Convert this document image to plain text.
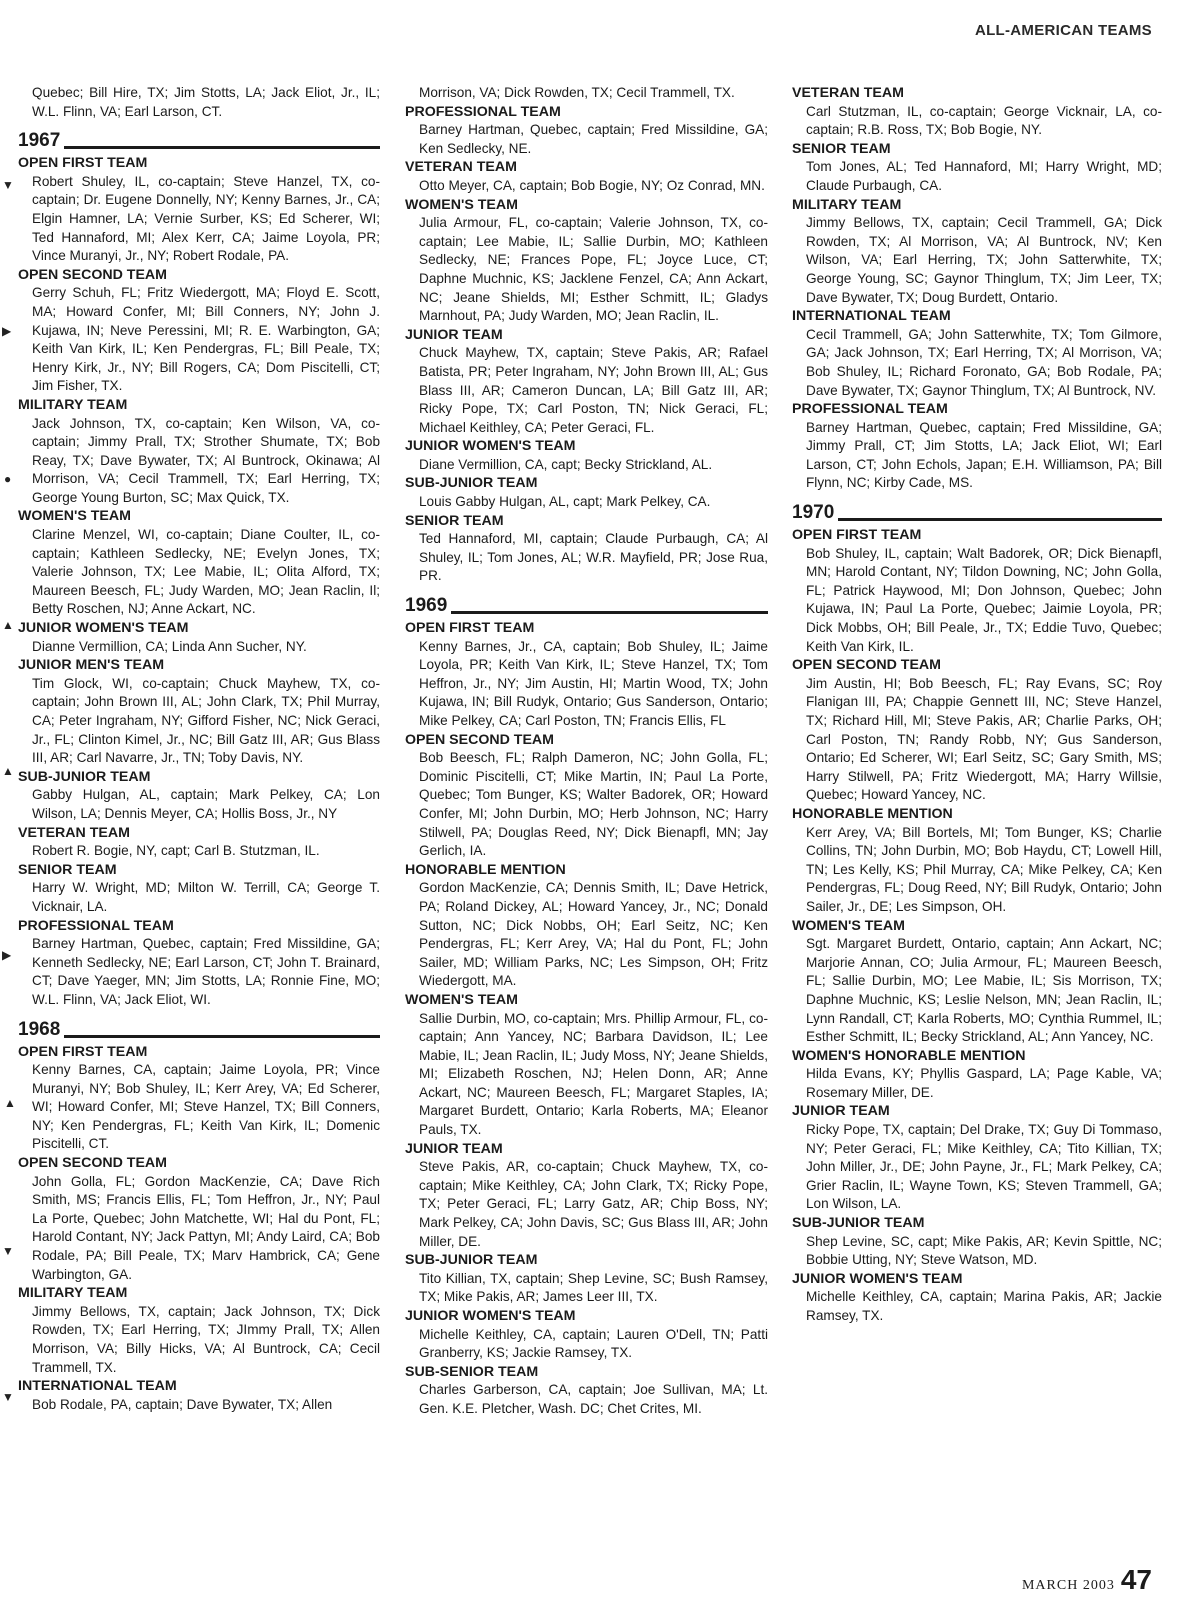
ALL-AMERICAN TEAMS
Quebec; Bill Hire, TX; Jim Stotts, LA; Jack Eliot, Jr., IL; W.L. Flinn, VA; Earl Larson, CT.
1967
OPEN FIRST TEAM
Robert Shuley, IL, co-captain; Steve Hanzel, TX, co-captain; Dr. Eugene Donnelly, NY; Kenny Barnes, Jr., CA; Elgin Hamner, LA; Vernie Surber, KS; Ed Scherer, WI; Ted Hannaford, MI; Alex Kerr, CA; Jaime Loyola, PR; Vince Muranyi, Jr., NY; Robert Rodale, PA.
OPEN SECOND TEAM
Gerry Schuh, FL; Fritz Wiedergott, MA; Floyd E. Scott, MA; Howard Confer, MI; Bill Conners, NY; John J. Kujawa, IN; Neve Peressini, MI; R. E. Warbington, GA; Keith Van Kirk, IL; Ken Pendergras, FL; Bill Peale, TX; Henry Kirk, Jr., NY; Bill Rogers, CA; Dom Piscitelli, CT; Jim Fisher, TX.
MILITARY TEAM
Jack Johnson, TX, co-captain; Ken Wilson, VA, co-captain; Jimmy Prall, TX; Strother Shumate, TX; Bob Reay, TX; Dave Bywater, TX; Al Buntrock, Okinawa; Al Morrison, VA; Cecil Trammell, TX; Earl Herring, TX; George Young Burton, SC; Max Quick, TX.
WOMEN'S TEAM
Clarine Menzel, WI, co-captain; Diane Coulter, IL, co-captain; Kathleen Sedlecky, NE; Evelyn Jones, TX; Valerie Johnson, TX; Lee Mabie, IL; Olita Alford, TX; Maureen Beesch, FL; Judy Warden, MO; Jean Raclin, Il; Betty Roschen, NJ; Anne Ackart, NC.
JUNIOR WOMEN'S TEAM
Dianne Vermillion, CA; Linda Ann Sucher, NY.
JUNIOR MEN'S TEAM
Tim Glock, WI, co-captain; Chuck Mayhew, TX, co-captain; John Brown III, AL; John Clark, TX; Phil Murray, CA; Peter Ingraham, NY; Gifford Fisher, NC; Nick Geraci, Jr., FL; Clinton Kimel, Jr., NC; Bill Gatz III, AR; Gus Blass III, AR; Carl Navarre, Jr., TN; Toby Davis, NY.
SUB-JUNIOR TEAM
Gabby Hulgan, AL, captain; Mark Pelkey, CA; Lon Wilson, LA; Dennis Meyer, CA; Hollis Boss, Jr., NY
VETERAN TEAM
Robert R. Bogie, NY, capt; Carl B. Stutzman, IL.
SENIOR TEAM
Harry W. Wright, MD; Milton W. Terrill, CA; George T. Vicknair, LA.
PROFESSIONAL TEAM
Barney Hartman, Quebec, captain; Fred Missildine, GA; Kenneth Sedlecky, NE; Earl Larson, CT; John T. Brainard, CT; Dave Yaeger, MN; Jim Stotts, LA; Ronnie Fine, MO; W.L. Flinn, VA; Jack Eliot, WI.
1968
OPEN FIRST TEAM
Kenny Barnes, CA, captain; Jaime Loyola, PR; Vince Muranyi, NY; Bob Shuley, IL; Kerr Arey, VA; Ed Scherer, WI; Howard Confer, MI; Steve Hanzel, TX; Bill Conners, NY; Ken Pendergras, FL; Keith Van Kirk, IL; Domenic Piscitelli, CT.
OPEN SECOND TEAM
John Golla, FL; Gordon MacKenzie, CA; Dave Rich Smith, MS; Francis Ellis, FL; Tom Heffron, Jr., NY; Paul La Porte, Quebec; John Matchette, WI; Hal du Pont, FL; Harold Contant, NY; Jack Pattyn, MI; Andy Laird, CA; Bob Rodale, PA; Bill Peale, TX; Marv Hambrick, CA; Gene Warbington, GA.
MILITARY TEAM
Jimmy Bellows, TX, captain; Jack Johnson, TX; Dick Rowden, TX; Earl Herring, TX; JImmy Prall, TX; Allen Morrison, VA; Billy Hicks, VA; Al Buntrock, CA; Cecil Trammell, TX.
INTERNATIONAL TEAM
Bob Rodale, PA, captain; Dave Bywater, TX; Allen
Morrison, VA; Dick Rowden, TX; Cecil Trammell, TX.
PROFESSIONAL TEAM
Barney Hartman, Quebec, captain; Fred Missildine, GA; Ken Sedlecky, NE.
VETERAN TEAM
Otto Meyer, CA, captain; Bob Bogie, NY; Oz Conrad, MN.
WOMEN'S TEAM
Julia Armour, FL, co-captain; Valerie Johnson, TX, co-captain; Lee Mabie, IL; Sallie Durbin, MO; Kathleen Sedlecky, NE; Frances Pope, FL; Joyce Luce, CT; Daphne Muchnic, KS; Jacklene Fenzel, CA; Ann Ackart, NC; Jeane Shields, MI; Esther Schmitt, IL; Gladys Marnhout, PA; Judy Warden, MO; Jean Raclin, IL.
JUNIOR TEAM
Chuck Mayhew, TX, captain; Steve Pakis, AR; Rafael Batista, PR; Peter Ingraham, NY; John Brown III, AL; Gus Blass III, AR; Cameron Duncan, LA; Bill Gatz III, AR; Ricky Pope, TX; Carl Poston, TN; Nick Geraci, FL; Michael Keithley, CA; Peter Geraci, FL.
JUNIOR WOMEN'S TEAM
Diane Vermillion, CA, capt; Becky Strickland, AL.
SUB-JUNIOR TEAM
Louis Gabby Hulgan, AL, capt; Mark Pelkey, CA.
SENIOR TEAM
Ted Hannaford, MI, captain; Claude Purbaugh, CA; Al Shuley, IL; Tom Jones, AL; W.R. Mayfield, PR; Jose Rua, PR.
1969
OPEN FIRST TEAM
Kenny Barnes, Jr., CA, captain; Bob Shuley, IL; Jaime Loyola, PR; Keith Van Kirk, IL; Steve Hanzel, TX; Tom Heffron, Jr., NY; Jim Austin, HI; Martin Wood, TX; John Kujawa, IN; Bill Rudyk, Ontario; Gus Sanderson, Ontario; Mike Pelkey, CA; Carl Poston, TN; Francis Ellis, FL
OPEN SECOND TEAM
Bob Beesch, FL; Ralph Dameron, NC; John Golla, FL; Dominic Piscitelli, CT; Mike Martin, IN; Paul La Porte, Quebec; Tom Bunger, KS; Walter Badorek, OR; Howard Confer, MI; John Durbin, MO; Herb Johnson, NC; Harry Stilwell, PA; Douglas Reed, NY; Dick Bienapfl, MN; Jay Gerlich, IA.
HONORABLE MENTION
Gordon MacKenzie, CA; Dennis Smith, IL; Dave Hetrick, PA; Roland Dickey, AL; Howard Yancey, Jr., NC; Donald Sutton, NC; Dick Nobbs, OH; Earl Seitz, NC; Ken Pendergras, FL; Kerr Arey, VA; Hal du Pont, FL; John Sailer, MD; William Parks, NC; Les Simpson, OH; Fritz Wiedergott, MA.
WOMEN'S TEAM
Sallie Durbin, MO, co-captain; Mrs. Phillip Armour, FL, co-captain; Ann Yancey, NC; Barbara Davidson, IL; Lee Mabie, IL; Jean Raclin, IL; Judy Moss, NY; Jeane Shields, MI; Elizabeth Roschen, NJ; Helen Donn, AR; Anne Ackart, NC; Maureen Beesch, FL; Margaret Staples, IA; Margaret Burdett, Ontario; Karla Roberts, MA; Eleanor Pauls, TX.
JUNIOR TEAM
Steve Pakis, AR, co-captain; Chuck Mayhew, TX, co-captain; Mike Keithley, CA; John Clark, TX; Ricky Pope, TX; Peter Geraci, FL; Larry Gatz, AR; Chip Boss, NY; Mark Pelkey, CA; John Davis, SC; Gus Blass III, AR; John Miller, DE.
SUB-JUNIOR TEAM
Tito Killian, TX, captain; Shep Levine, SC; Bush Ramsey, TX; Mike Pakis, AR; James Leer III, TX.
JUNIOR WOMEN'S TEAM
Michelle Keithley, CA, captain; Lauren O'Dell, TN; Patti Granberry, KS; Jackie Ramsey, TX.
SUB-SENIOR TEAM
Charles Garberson, CA, captain; Joe Sullivan, MA; Lt. Gen. K.E. Pletcher, Wash. DC; Chet Crites, MI.
VETERAN TEAM
Carl Stutzman, IL, co-captain; George Vicknair, LA, co-captain; R.B. Ross, TX; Bob Bogie, NY.
SENIOR TEAM
Tom Jones, AL; Ted Hannaford, MI; Harry Wright, MD; Claude Purbaugh, CA.
MILITARY TEAM
Jimmy Bellows, TX, captain; Cecil Trammell, GA; Dick Rowden, TX; Al Morrison, VA; Al Buntrock, NV; Ken Wilson, VA; Earl Herring, TX; John Satterwhite, TX; George Young, SC; Gaynor Thinglum, TX; Jim Leer, TX; Dave Bywater, TX; Doug Burdett, Ontario.
INTERNATIONAL TEAM
Cecil Trammell, GA; John Satterwhite, TX; Tom Gilmore, GA; Jack Johnson, TX; Earl Herring, TX; Al Morrison, VA; Bob Shuley, IL; Richard Foronato, GA; Bob Rodale, PA; Dave Bywater, TX; Gaynor Thinglum, TX; Al Buntrock, NV.
PROFESSIONAL TEAM
Barney Hartman, Quebec, captain; Fred Missildine, GA; Jimmy Prall, CT; Jim Stotts, LA; Jack Eliot, WI; Earl Larson, CT; John Echols, Japan; E.H. Williamson, PA; Bill Flynn, NC; Kirby Cade, MS.
1970
OPEN FIRST TEAM
Bob Shuley, IL, captain; Walt Badorek, OR; Dick Bienapfl, MN; Harold Contant, NY; Tildon Downing, NC; John Golla, FL; Patrick Haywood, MI; Don Johnson, Quebec; John Kujawa, IN; Paul La Porte, Quebec; Jaimie Loyola, PR; Dick Mobbs, OH; Bill Peale, Jr., TX; Eddie Tuvo, Quebec; Keith Van Kirk, IL.
OPEN SECOND TEAM
Jim Austin, HI; Bob Beesch, FL; Ray Evans, SC; Roy Flanigan III, PA; Chappie Gennett III, NC; Steve Hanzel, TX; Richard Hill, MI; Steve Pakis, AR; Charlie Parks, OH; Carl Poston, TN; Randy Robb, NY; Gus Sanderson, Ontario; Ed Scherer, WI; Earl Seitz, SC; Gary Smith, MS; Harry Stilwell, PA; Fritz Wiedergott, MA; Harry Willsie, Quebec; Howard Yancey, NC.
HONORABLE MENTION
Kerr Arey, VA; Bill Bortels, MI; Tom Bunger, KS; Charlie Collins, TN; John Durbin, MO; Bob Haydu, CT; Lowell Hill, TN; Les Kelly, KS; Phil Murray, CA; Mike Pelkey, CA; Ken Pendergras, FL; Doug Reed, NY; Bill Rudyk, Ontario; John Sailer, Jr., DE; Les Simpson, OH.
WOMEN'S TEAM
Sgt. Margaret Burdett, Ontario, captain; Ann Ackart, NC; Marjorie Annan, CO; Julia Armour, FL; Maureen Beesch, FL; Sallie Durbin, MO; Lee Mabie, IL; Sis Morrison, TX; Daphne Muchnic, KS; Leslie Nelson, MN; Jean Raclin, IL; Lynn Randall, CT; Karla Roberts, MO; Cynthia Rummel, IL; Esther Schmitt, IL; Becky Strickland, AL; Ann Yancey, NC.
WOMEN'S HONORABLE MENTION
Hilda Evans, KY; Phyllis Gaspard, LA; Page Kable, VA; Rosemary Miller, DE.
JUNIOR TEAM
Ricky Pope, TX, captain; Del Drake, TX; Guy Di Tommaso, NY; Peter Geraci, FL; Mike Keithley, CA; Tito Killian, TX; John Miller, Jr., DE; John Payne, Jr., FL; Mark Pelkey, CA; Grier Raclin, IL; Wayne Town, KS; Steven Trammell, GA; Lon Wilson, LA.
SUB-JUNIOR TEAM
Shep Levine, SC, capt; Mike Pakis, AR; Kevin Spittle, NC; Bobbie Utting, NY; Steve Watson, MD.
JUNIOR WOMEN'S TEAM
Michelle Keithley, CA, captain; Marina Pakis, AR; Jackie Ramsey, TX.
MARCH 2003 47
▼
▶
●
▲
▲
▶
▲
▼
▼
